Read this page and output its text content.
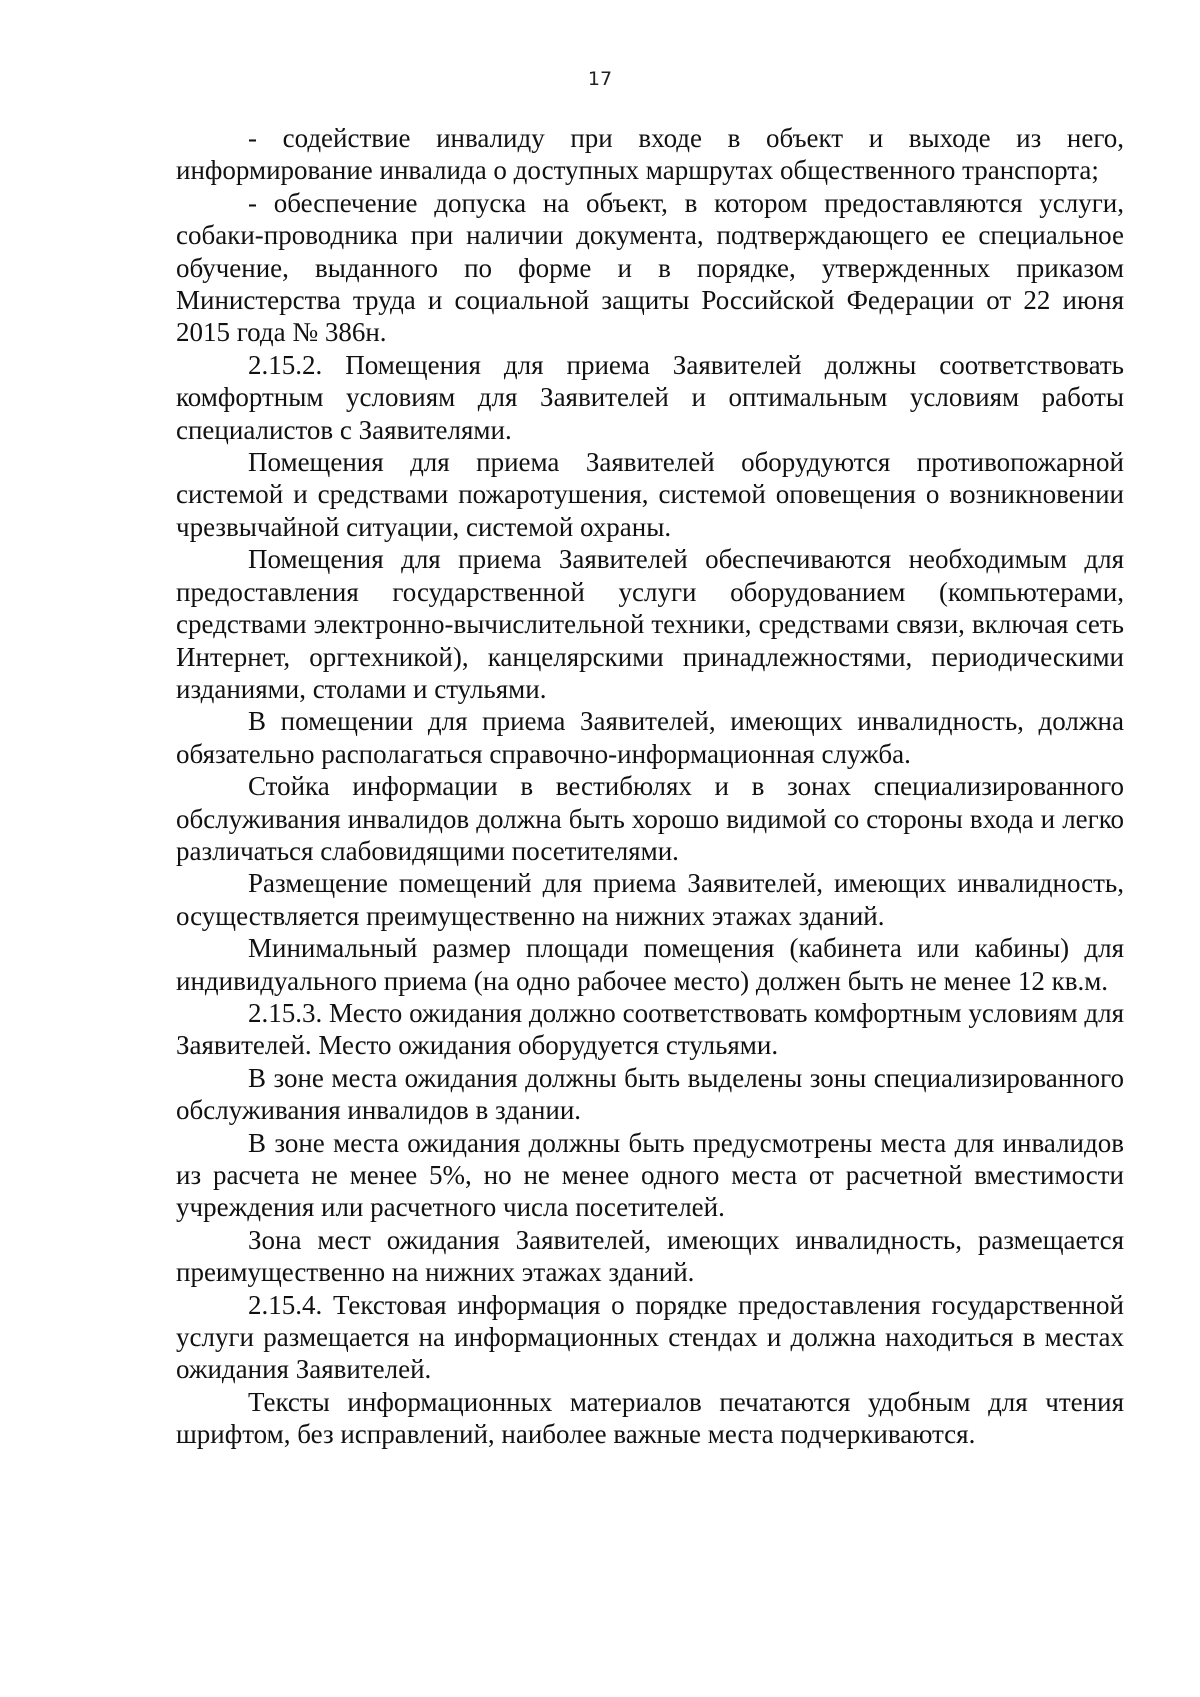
17

- содействие инвалиду при входе в объект и выходе из него, информирование инвалида о доступных маршрутах общественного транспорта;

- обеспечение допуска на объект, в котором предоставляются услуги, собаки-проводника при наличии документа, подтверждающего ее специальное обучение, выданного по форме и в порядке, утвержденных приказом Министерства труда и социальной защиты Российской Федерации от 22 июня 2015 года № 386н.

2.15.2. Помещения для приема Заявителей должны соответствовать комфортным условиям для Заявителей и оптимальным условиям работы специалистов с Заявителями.

Помещения для приема Заявителей оборудуются противопожарной системой и средствами пожаротушения, системой оповещения о возникновении чрезвычайной ситуации, системой охраны.

Помещения для приема Заявителей обеспечиваются необходимым для предоставления государственной услуги оборудованием (компьютерами, средствами электронно-вычислительной техники, средствами связи, включая сеть Интернет, оргтехникой), канцелярскими принадлежностями, периодическими изданиями, столами и стульями.

В помещении для приема Заявителей, имеющих инвалидность, должна обязательно располагаться справочно-информационная служба.

Стойка информации в вестибюлях и в зонах специализированного обслуживания инвалидов должна быть хорошо видимой со стороны входа и легко различаться слабовидящими посетителями.

Размещение помещений для приема Заявителей, имеющих инвалидность, осуществляется преимущественно на нижних этажах зданий.

Минимальный размер площади помещения (кабинета или кабины) для индивидуального приема (на одно рабочее место) должен быть не менее 12 кв.м.

2.15.3. Место ожидания должно соответствовать комфортным условиям для Заявителей. Место ожидания оборудуется стульями.

В зоне места ожидания должны быть выделены зоны специализированного обслуживания инвалидов в здании.

В зоне места ожидания должны быть предусмотрены места для инвалидов из расчета не менее 5%, но не менее одного места от расчетной вместимости учреждения или расчетного числа посетителей.

Зона мест ожидания Заявителей, имеющих инвалидность, размещается преимущественно на нижних этажах зданий.

2.15.4. Текстовая информация о порядке предоставления государственной услуги размещается на информационных стендах и должна находиться в местах ожидания Заявителей.

Тексты информационных материалов печатаются удобным для чтения шрифтом, без исправлений, наиболее важные места подчеркиваются.
